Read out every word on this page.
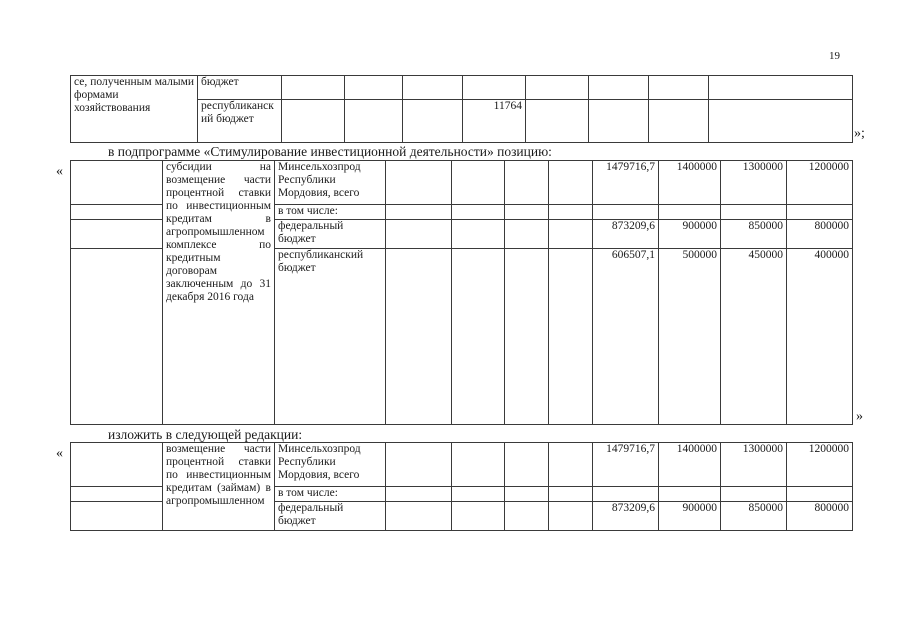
19
се, полученным малыми формами хозяйствования	бюджет								
	республиканский бюджет				11764				
»;
в подпрограмме «Стимулирование инвестиционной деятельности» позицию:
«
		субсидии на возмещение части процентной ставки по инвестиционным кредитам в агропромышленном комплексе по кредитным договорам заключенным до 31 декабря 2016 года	Минсельхозпрод Республики Мордовия, всего					1479716,7	1400000	1300000	1200000
		в том числе:								
		федеральный бюджет					873209,6	900000	850000	800000
		республиканский бюджет					606507,1	500000	450000	400000
»
изложить в следующей редакции:
«
		возмещение части процентной ставки по инвестиционным кредитам (займам) в агропромышленном	Минсельхозпрод Республики Мордовия, всего					1479716,7	1400000	1300000	1200000
		в том числе:								
		федеральный бюджет					873209,6	900000	850000	800000
